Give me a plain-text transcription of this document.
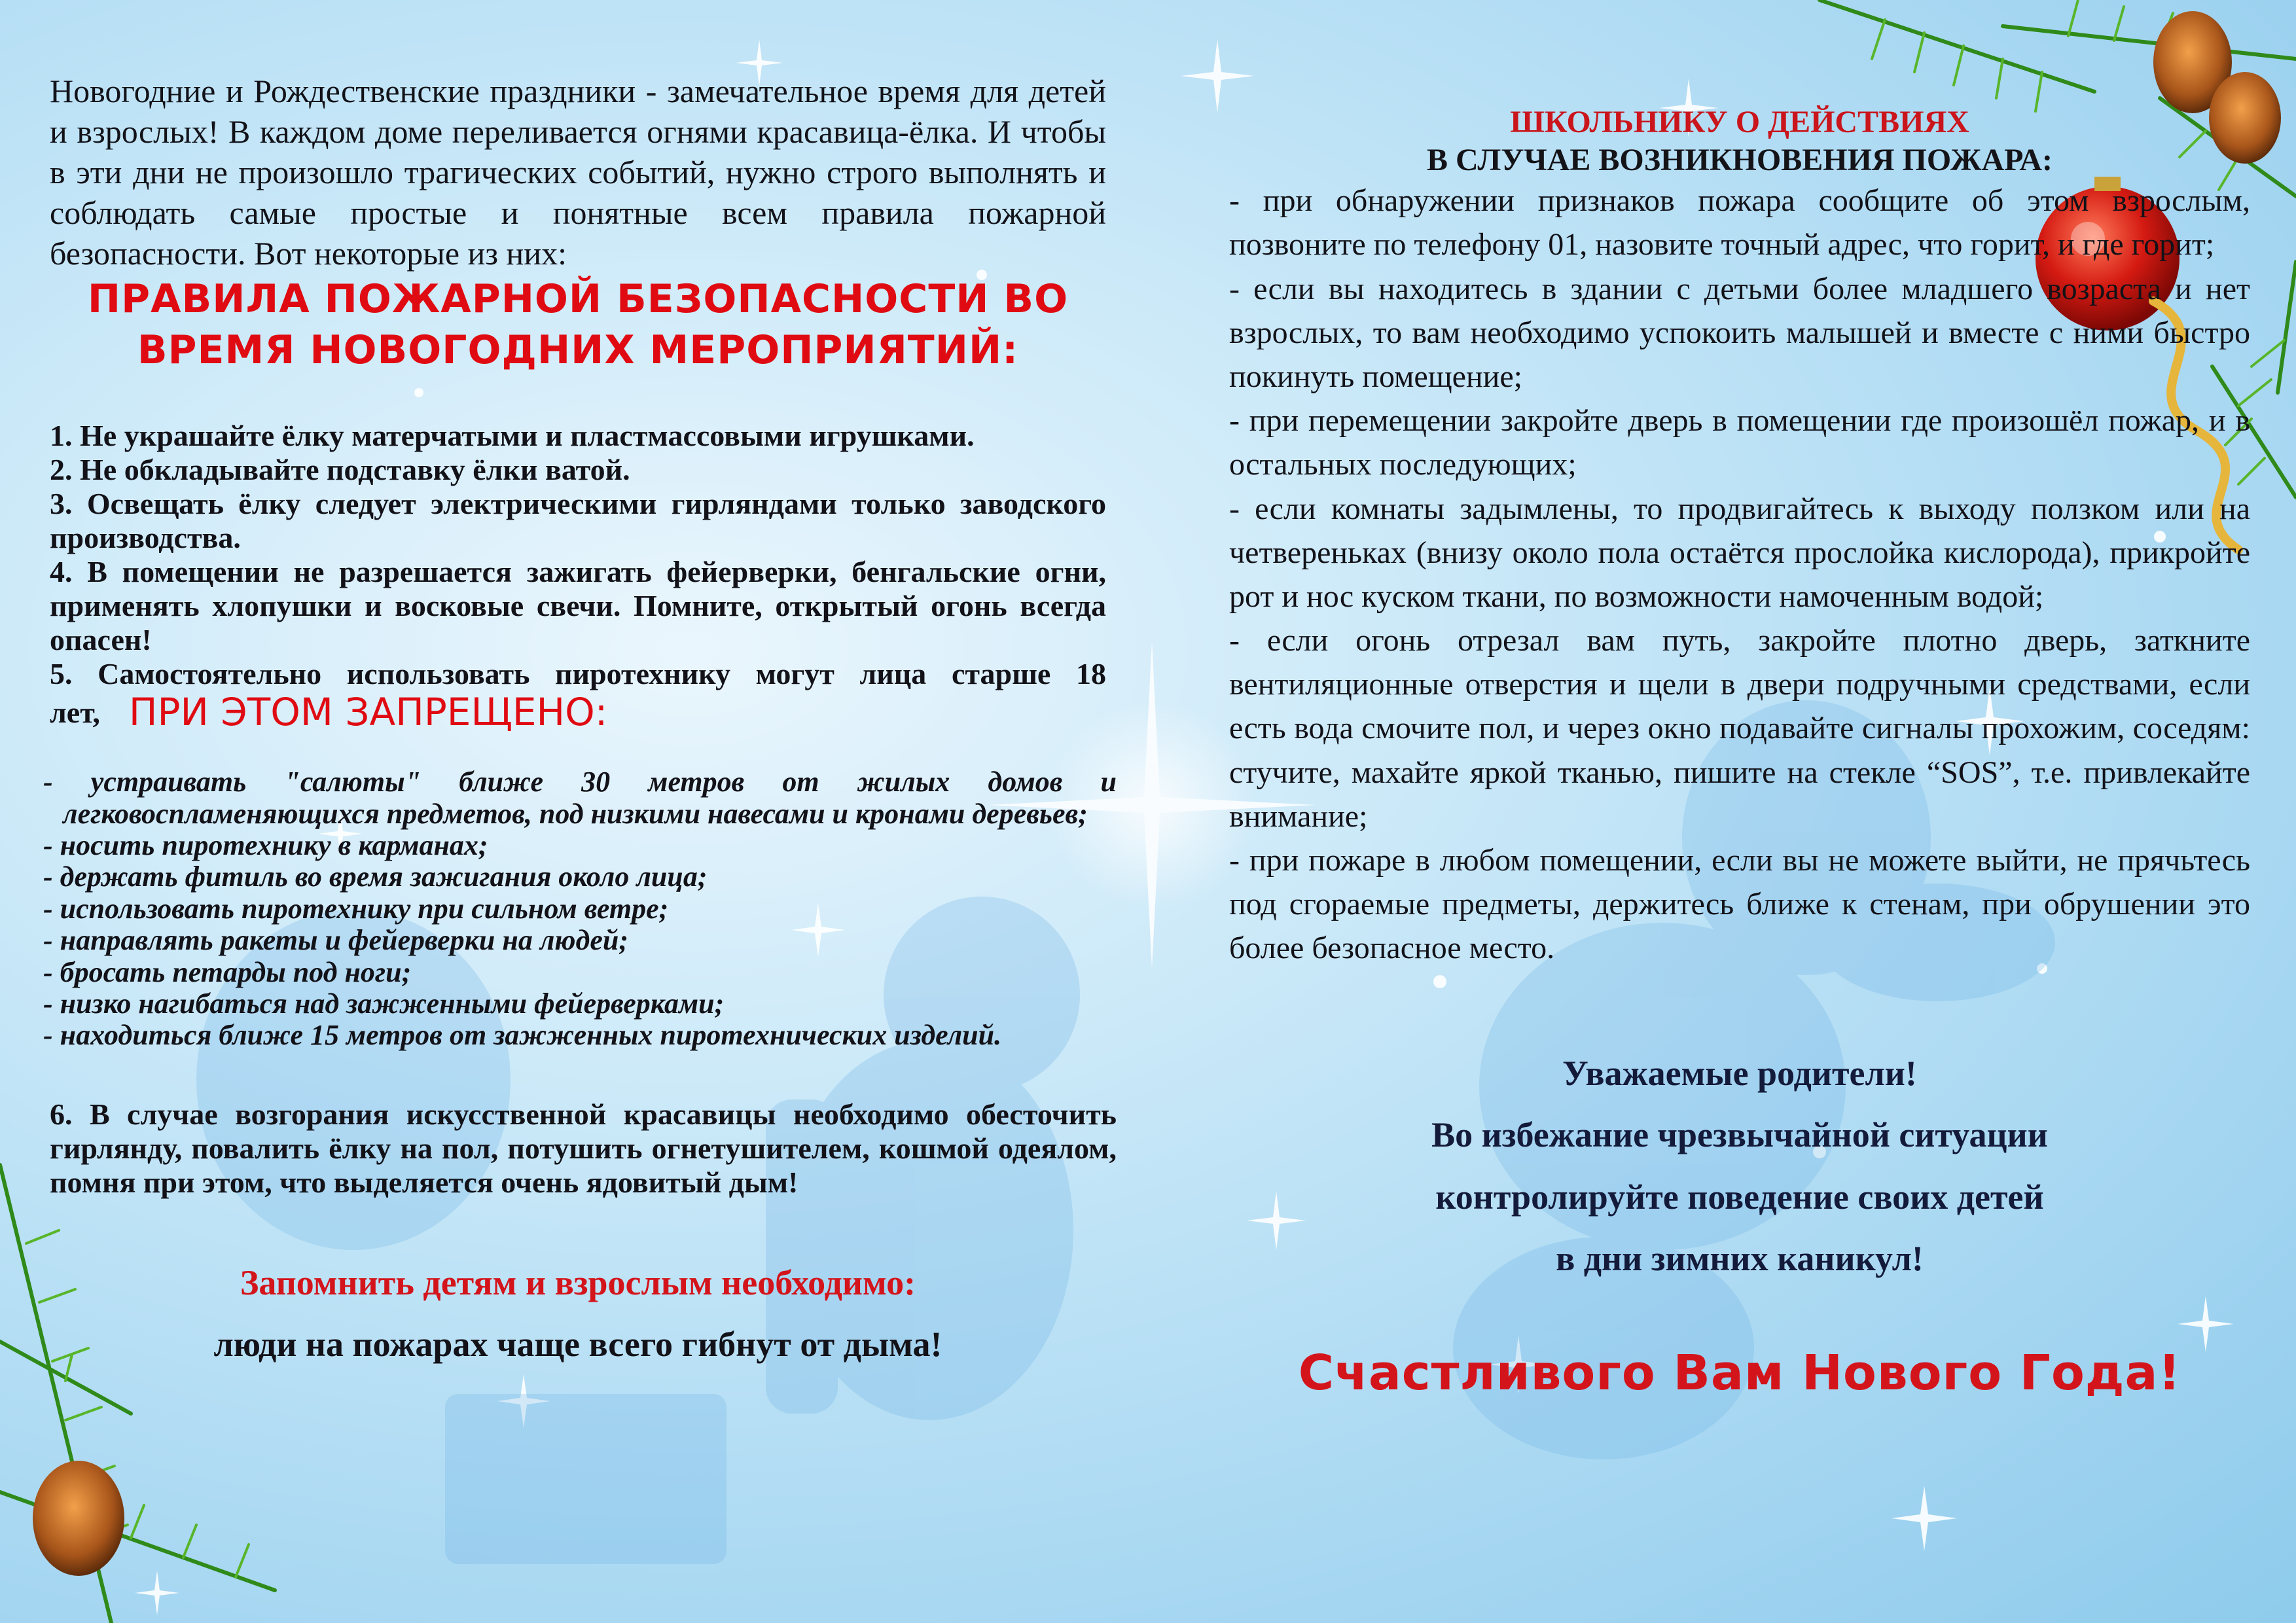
Новогодние и Рождественские праздники - замечательное время для детей и взрослых! В каждом доме переливается огнями красавица-ёлка. И чтобы в эти дни не произошло трагических событий, нужно строго выполнять и соблюдать самые простые и понятные всем правила пожарной безопасности. Вот некоторые из них:

ПРАВИЛА ПОЖАРНОЙ БЕЗОПАСНОСТИ ВО
ВРЕМЯ НОВОГОДНИХ МЕРОПРИЯТИЙ:

1. Не украшайте ёлку матерчатыми и пластмассовыми игрушками.

2. Не обкладывайте подставку ёлки ватой.

3. Освещать ёлку следует электрическими гирляндами только заводского производства.

4. В помещении не разрешается зажигать фейерверки, бенгальские огни, применять хлопушки и восковые свечи. Помните, открытый огонь всегда опасен!

5. Самостоятельно использовать пиротехнику могут лица старше 18 лет, ПРИ ЭТОМ ЗАПРЕЩЕНО:

- устраивать "салюты" ближе 30 метров от жилых домов и легковоспламеняющихся предметов, под низкими навесами и кронами деревьев;
- носить пиротехнику в карманах;
- держать фитиль во время зажигания около лица;
- использовать пиротехнику при сильном ветре;
- направлять ракеты и фейерверки на людей;
- бросать петарды под ноги;
- низко нагибаться над зажженными фейерверками;
- находиться ближе 15 метров от зажженных пиротехнических изделий.

6. В случае возгорания искусственной красавицы необходимо обесточить гирлянду, повалить ёлку на пол, потушить огнетушителем, кошмой одеялом, помня при этом, что выделяется очень ядовитый дым!

Запомнить детям и взрослым необходимо:

люди на пожарах чаще всего гибнут от дыма!

ШКОЛЬНИКУ О ДЕЙСТВИЯХ
В СЛУЧАЕ ВОЗНИКНОВЕНИЯ ПОЖАРА:
- при обнаружении признаков пожара сообщите об этом взрослым, позвоните по телефону 01, назовите точный адрес, что горит, и где горит;
- если вы находитесь в здании с детьми более младшего возраста и нет взрослых, то вам необходимо успокоить малышей и вместе с ними быстро покинуть помещение;
- при перемещении закройте дверь в помещении где произошёл пожар, и в остальных последующих;
- если комнаты задымлены, то продвигайтесь к выходу ползком или на четвереньках (внизу около пола остаётся прослойка кислорода), прикройте рот и нос куском ткани, по возможности намоченным водой;
- если огонь отрезал вам путь, закройте плотно дверь, заткните вентиляционные отверстия и щели в двери подручными средствами, если есть вода смочите пол, и через окно подавайте сигналы прохожим, соседям: стучите, махайте яркой тканью, пишите на стекле “SOS”, т.е. привлекайте внимание;
- при пожаре в любом помещении, если вы не можете выйти, не прячьтесь под сгораемые предметы, держитесь ближе к стенам, при обрушении это более безопасное место.

Уважаемые родители!

Во избежание чрезвычайной ситуации

контролируйте поведение своих детей

в дни зимних каникул!

Счастливого Вам Нового Года!
